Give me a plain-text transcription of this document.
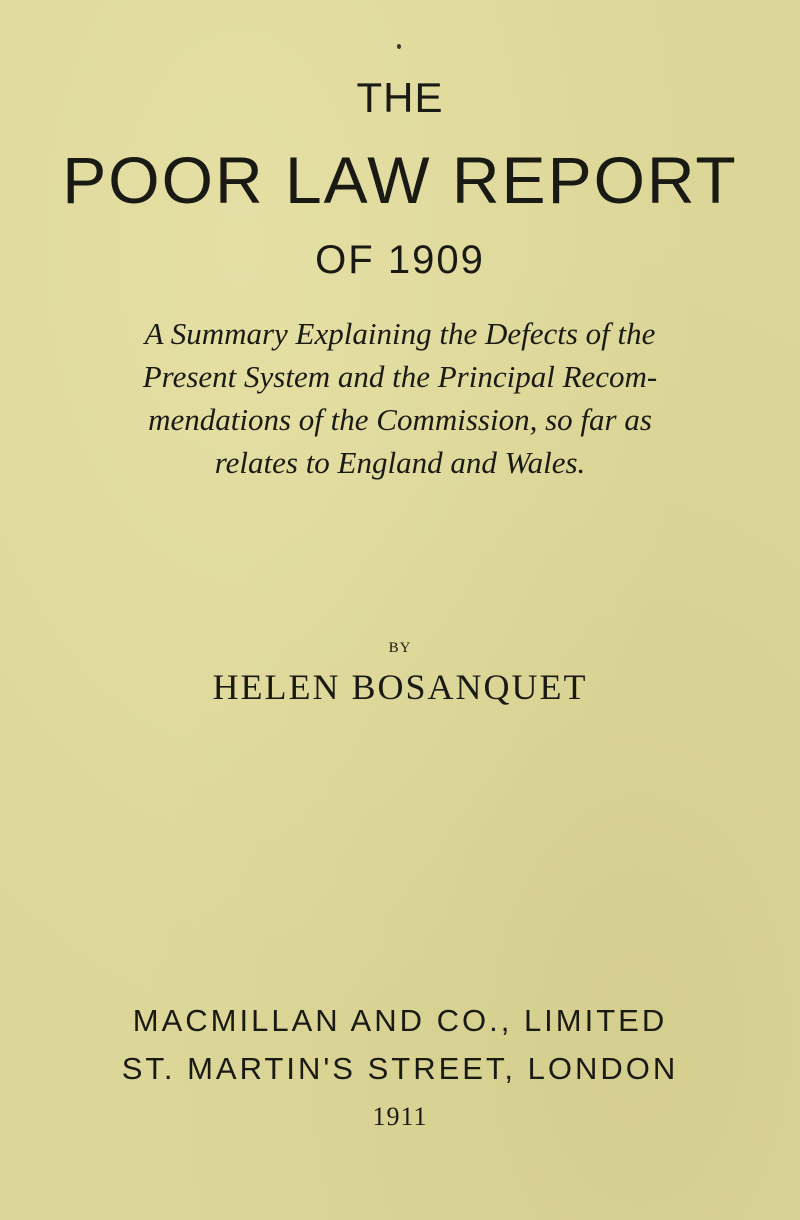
THE
POOR LAW REPORT
OF 1909
A Summary Explaining the Defects of the
Present System and the Principal Recom-
mendations of the Commission, so far as
relates to England and Wales.
BY
HELEN BOSANQUET
MACMILLAN AND CO., LIMITED
ST. MARTIN'S STREET, LONDON
1911
